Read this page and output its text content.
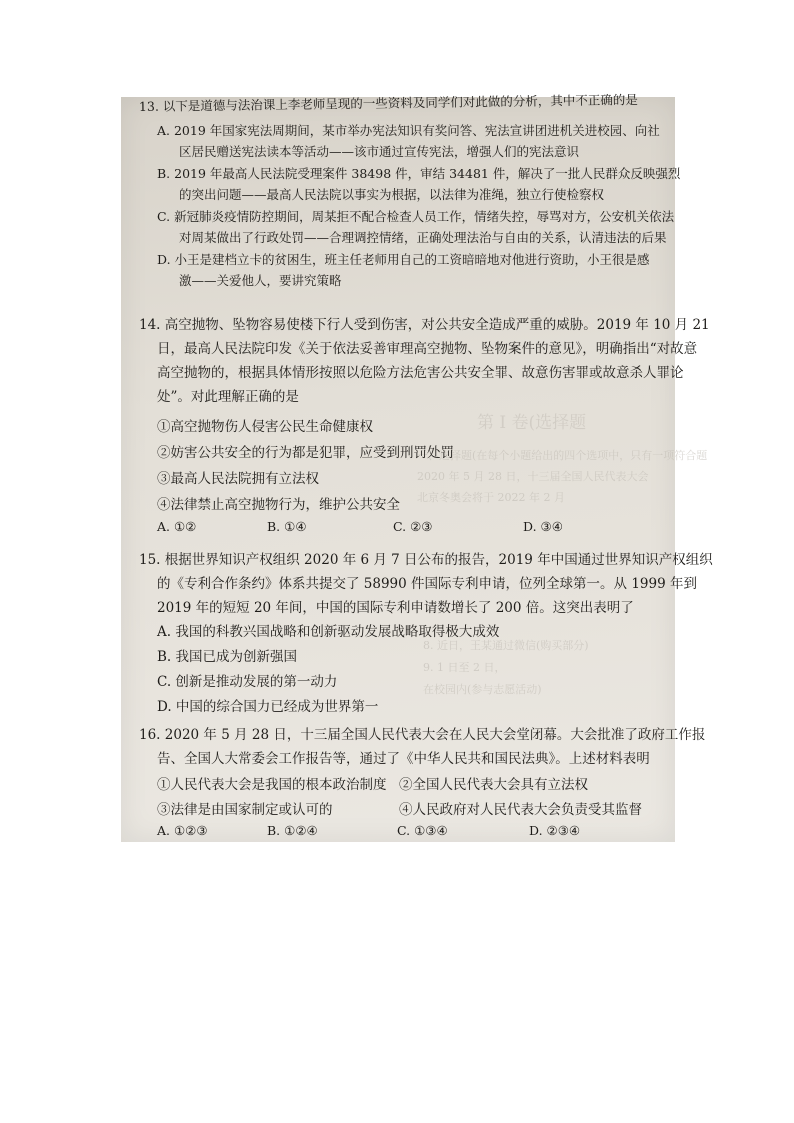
第 I 卷(选择题
一、选择题(在每个小题给出的四个选项中，只有一项符合题
2020 年 5 月 28 日，十三届全国人民代表大会
北京冬奥会将于 2022 年 2 月
8. 近日，王某通过微信(购买部分)
9. 1 日至 2 日，
在校园内(参与志愿活动)
13. 以下是道德与法治课上李老师呈现的一些资料及同学们对此做的分析，其中不正确的是
A. 2019 年国家宪法周期间，某市举办宪法知识有奖问答、宪法宣讲团进机关进校园、向社
区居民赠送宪法读本等活动——该市通过宣传宪法，增强人们的宪法意识
B. 2019 年最高人民法院受理案件 38498 件，审结 34481 件，解决了一批人民群众反映强烈
的突出问题——最高人民法院以事实为根据，以法律为准绳，独立行使检察权
C. 新冠肺炎疫情防控期间，周某拒不配合检查人员工作，情绪失控，辱骂对方，公安机关依法
对周某做出了行政处罚——合理调控情绪，正确处理法治与自由的关系，认清违法的后果
D. 小王是建档立卡的贫困生，班主任老师用自己的工资暗暗地对他进行资助，小王很是感
激——关爱他人，要讲究策略
14. 高空抛物、坠物容易使楼下行人受到伤害，对公共安全造成严重的威胁。2019 年 10 月 21
日，最高人民法院印发《关于依法妥善审理高空抛物、坠物案件的意见》，明确指出“对故意
高空抛物的，根据具体情形按照以危险方法危害公共安全罪、故意伤害罪或故意杀人罪论
处”。对此理解正确的是
①高空抛物伤人侵害公民生命健康权
②妨害公共安全的行为都是犯罪，应受到刑罚处罚
③最高人民法院拥有立法权
④法律禁止高空抛物行为，维护公共安全
A. ①②	B. ①④	C. ②③	D. ③④
15. 根据世界知识产权组织 2020 年 6 月 7 日公布的报告，2019 年中国通过世界知识产权组织
的《专利合作条约》体系共提交了 58990 件国际专利申请，位列全球第一。从 1999 年到
2019 年的短短 20 年间，中国的国际专利申请数增长了 200 倍。这突出表明了
A. 我国的科教兴国战略和创新驱动发展战略取得极大成效
B. 我国已成为创新强国
C. 创新是推动发展的第一动力
D. 中国的综合国力已经成为世界第一
16. 2020 年 5 月 28 日，十三届全国人民代表大会在人民大会堂闭幕。大会批准了政府工作报
告、全国人大常委会工作报告等，通过了《中华人民共和国民法典》。上述材料表明
①人民代表大会是我国的根本政治制度 ②全国人民代表大会具有立法权
③法律是由国家制定或认可的	④人民政府对人民代表大会负责受其监督
A. ①②③	B. ①②④	C. ①③④	D. ②③④
